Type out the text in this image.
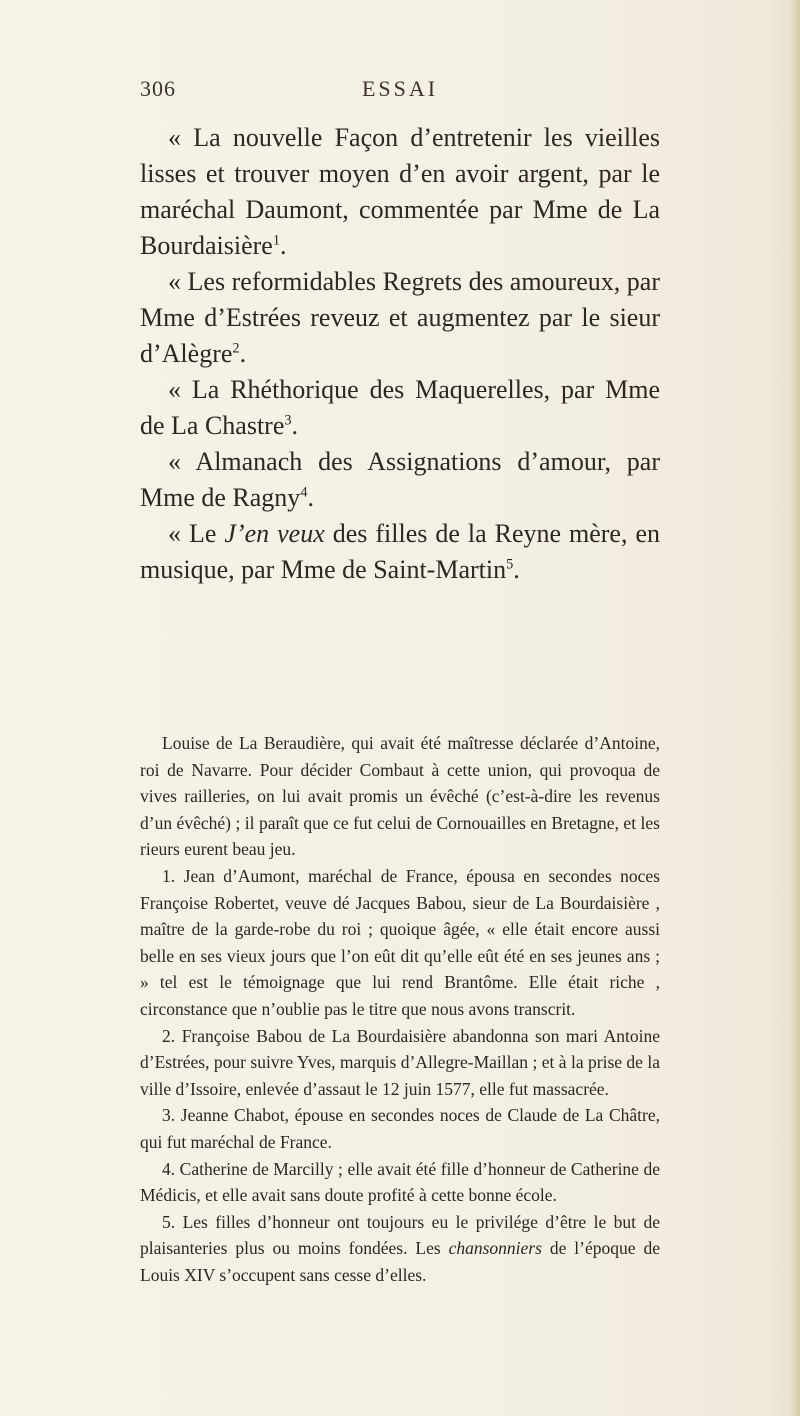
306	ESSAI

« La nouvelle Façon d’entretenir les vieilles lisses et trouver moyen d’en avoir argent, par le maréchal Daumont, commentée par Mme de La Bourdaisière$^1$.

« Les reformidables Regrets des amoureux, par Mme d’Estrées reveuz et augmentez par le sieur d’Alègre$^2$.

« La Rhéthorique des Maquerelles, par Mme de La Chastre$^3$.

« Almanach des Assignations d’amour, par Mme de Ragny$^4$.

« Le J’en veux des filles de la Reyne mère, en musique, par Mme de Saint-Martin$^5$.

Louise de La Beraudière, qui avait été maîtresse déclarée d’Antoine, roi de Navarre. Pour décider Combaut à cette union, qui provoqua de vives railleries, on lui avait promis un évêché (c’est-à-dire les revenus d’un évêché) ; il paraît que ce fut celui de Cornouailles en Bretagne, et les rieurs eurent beau jeu.

1. Jean d’Aumont, maréchal de France, épousa en secondes noces Françoise Robertet, veuve dé Jacques Babou, sieur de La Bourdaisière , maître de la garde-robe du roi ; quoique âgée, « elle était encore aussi belle en ses vieux jours que l’on eût dit qu’elle eût été en ses jeunes ans ; » tel est le témoignage que lui rend Brantôme. Elle était riche , circonstance que n’oublie pas le titre que nous avons transcrit.

2. Françoise Babou de La Bourdaisière abandonna son mari Antoine d’Estrées, pour suivre Yves, marquis d’Allegre-Maillan ; et à la prise de la ville d’Issoire, enlevée d’assaut le 12 juin 1577, elle fut massacrée.

3. Jeanne Chabot, épouse en secondes noces de Claude de La Châtre, qui fut maréchal de France.

4. Catherine de Marcilly ; elle avait été fille d’honneur de Catherine de Médicis, et elle avait sans doute profité à cette bonne école.

5. Les filles d’honneur ont toujours eu le privilége d’être le but de plaisanteries plus ou moins fondées. Les chansonniers de l’époque de Louis XIV s’occupent sans cesse d’elles.
